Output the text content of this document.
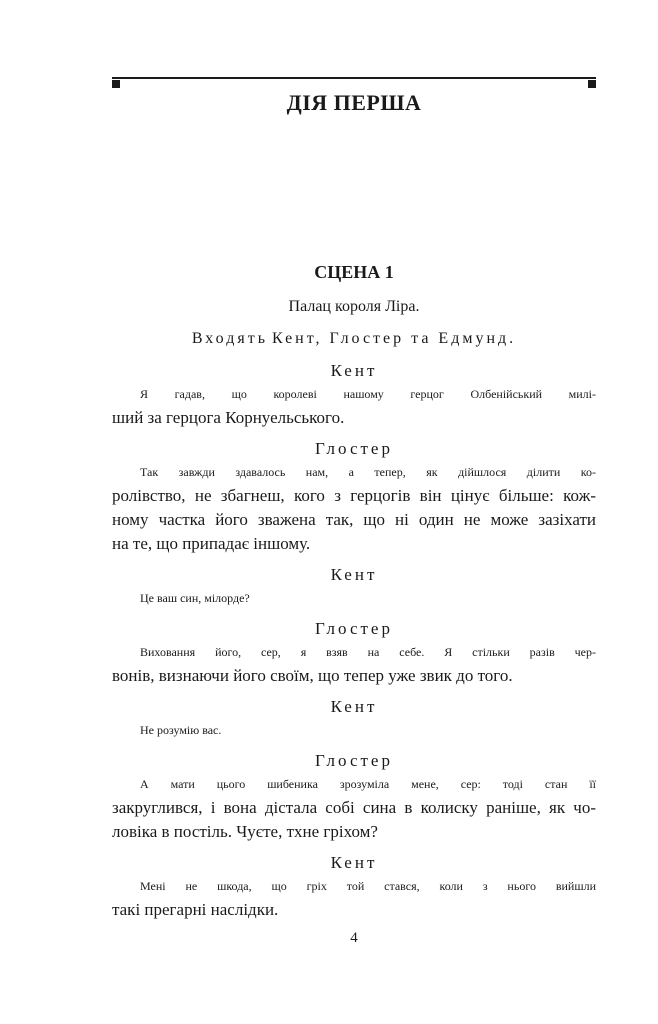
ДІЯ ПЕРША
СЦЕНА 1
Палац короля Ліра.
Входять Кент, Глостер та Едмунд.
Кент
Я гадав, що королеві нашому герцог Олбенійський милі-
ший за герцога Корнуельського.
Глостер
Так завжди здавалось нам, а тепер, як дійшлося ділити ко-
ролівство, не збагнеш, кого з герцогів він цінує більше: кож-
ному частка його зважена так, що ні один не може зазіхати
на те, що припадає іншому.
Кент
Це ваш син, мілорде?
Глостер
Виховання його, сер, я взяв на себе. Я стільки разів чер-
вонів, визнаючи його своїм, що тепер уже звик до того.
Кент
Не розумію вас.
Глостер
А мати цього шибеника зрозуміла мене, сер: тоді стан її
закруглився, і вона дістала собі сина в колиску раніше, як чо-
ловіка в постіль. Чуєте, тхне гріхом?
Кент
Мені не шкода, що гріх той стався, коли з нього вийшли
такі прегарні наслідки.
4
